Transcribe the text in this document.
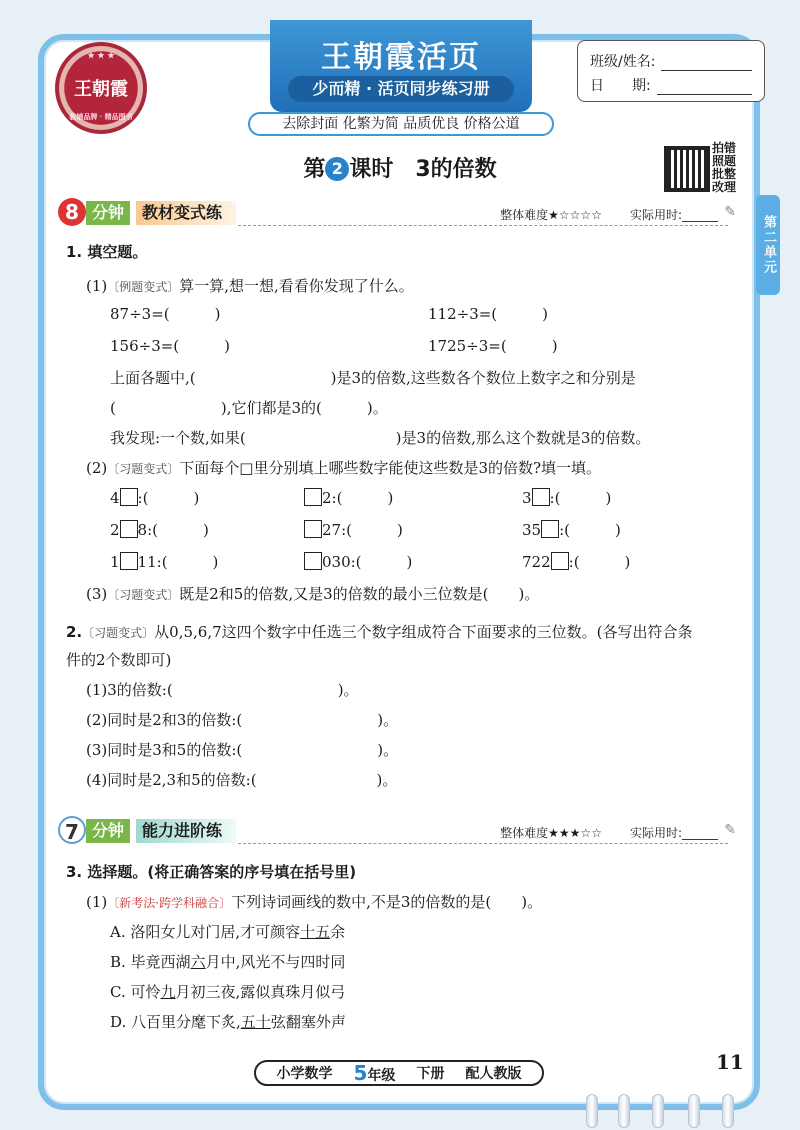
★ ★ ★
王朝霞
教辅品牌 · 精品图书
王朝霞活页
少而精 · 活页同步练习册
去除封面 化繁为简 品质优良 价格公道
班级/姓名:
日　　期:
第 2 课时　3的倍数
拍错
照题
批整
改理
第二单元
8 分钟	教材变式练	整体难度★☆☆☆☆ 实际用时:______ ✎
1. 填空题。
(1)〔例题变式〕算一算,想一想,看看你发现了什么。
87÷3=(　　　)	112÷3=(　　　)
156÷3=(　　　)	1725÷3=(　　　)
上面各题中,(　　　　　　　　　)是3的倍数,这些数各个数位上数字之和分别是
(　　　　　　　),它们都是3的(　　　)。
我发现:一个数,如果(　　　　　　　　　　)是3的倍数,那么这个数就是3的倍数。
(2)〔习题变式〕下面每个□里分别填上哪些数字能使这些数是3的倍数?填一填。
4 :(　　　)	2:(　　　)	3 :(　　　)
2 8:(　　　)	27:(　　　)	35 :(　　　)
1 11:(　　　)	030:(　　　)	722 :(　　　)
(3)〔习题变式〕既是2和5的倍数,又是3的倍数的最小三位数是(　　)。
2.〔习题变式〕从0,5,6,7这四个数字中任选三个数字组成符合下面要求的三位数。(各写出符合条
件的2个数即可)
(1)3的倍数:(　　　　　　　　　　　)。
(2)同时是2和3的倍数:(　　　　　　　　　)。
(3)同时是3和5的倍数:(　　　　　　　　　)。
(4)同时是2,3和5的倍数:(　　　　　　　　)。
7 分钟	能力进阶练	整体难度★★★☆☆ 实际用时:______ ✎
3. 选择题。(将正确答案的序号填在括号里)
(1)〔新考法·跨学科融合〕下列诗词画线的数中,不是3的倍数的是(　　)。
A. 洛阳女儿对门居,才可颜容十五余
B. 毕竟西湖六月中,风光不与四时同
C. 可怜九月初三夜,露似真珠月似弓
D. 八百里分麾下炙,五十弦翻塞外声
小学数学 5年级 下册 配人教版	11
